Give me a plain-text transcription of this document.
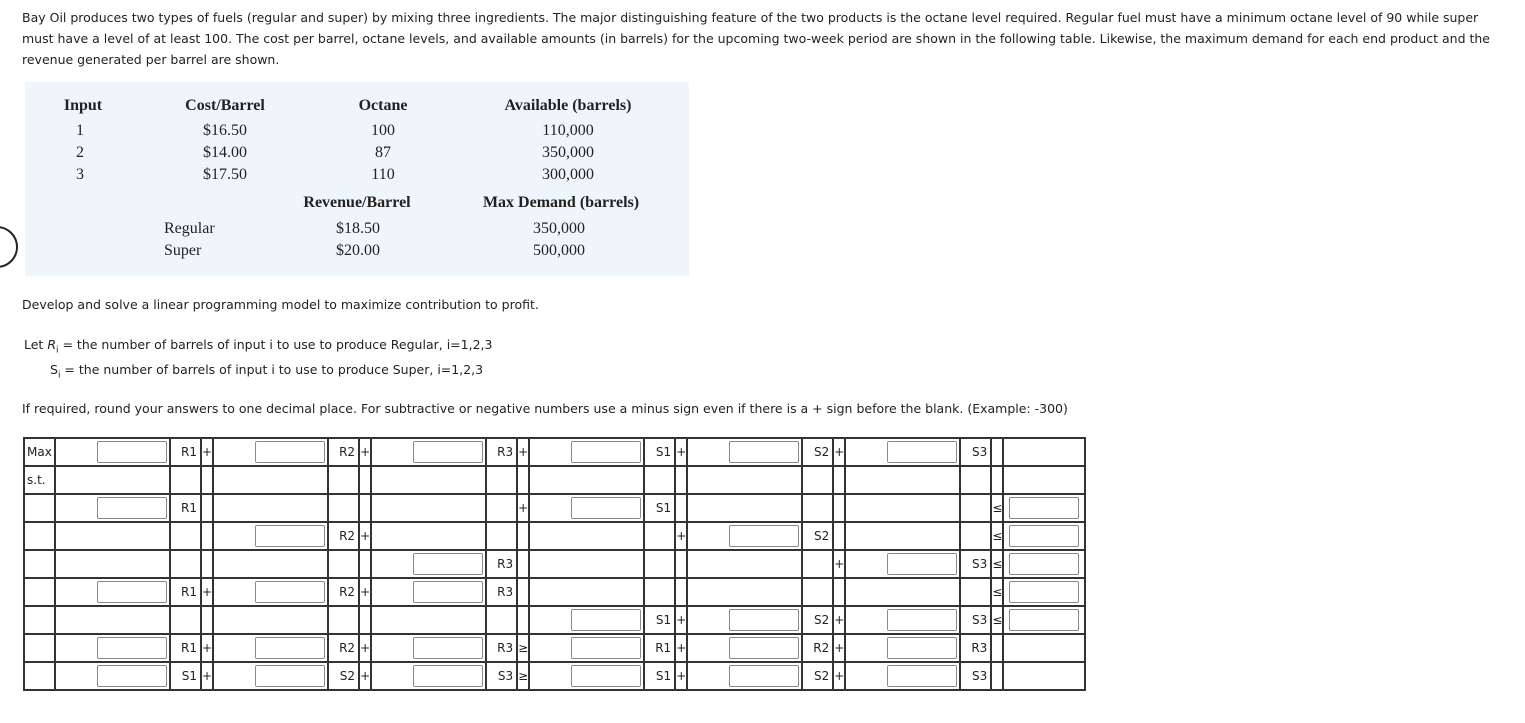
Bay Oil produces two types of fuels (regular and super) by mixing three ingredients. The major distinguishing feature of the two products is the octane level required. Regular fuel must have a minimum octane level of 90 while super must have a level of at least 100. The cost per barrel, octane levels, and available amounts (in barrels) for the upcoming two-week period are shown in the following table. Likewise, the maximum demand for each end product and the revenue generated per barrel are shown.
Input	Cost/Barrel	Octane	Available (barrels)
1	$16.50	100	110,000
2	$14.00	87	350,000
3	$17.50	110	300,000
Revenue/Barrel	Max Demand (barrels)
Regular	$18.50	350,000
Super	$20.00	500,000
Develop and solve a linear programming model to maximize contribution to profit.
Let $R_i$ = the number of barrels of input i to use to produce Regular, i=1,2,3
$S_i$ = the number of barrels of input i to use to produce Super, i=1,2,3
If required, round your answers to one decimal place. For subtractive or negative numbers use a minus sign even if there is a + sign before the blank. (Example: -300)
Max		R1	+		R2	+		R3	+		S1	+		S2	+		S3		
s.t.																			

	R1							+		S1							≤	

	R2	+						+		S2				≤	

	R3							+		S3	≤	

	R1	+		R2	+		R3										≤	

	S1	+		S2	+		S3	≤	

	R1	+		R2	+		R3	≥		R1	+		R2	+		R3		

	S1	+		S2	+		S3	≥		S1	+		S2	+		S3		
